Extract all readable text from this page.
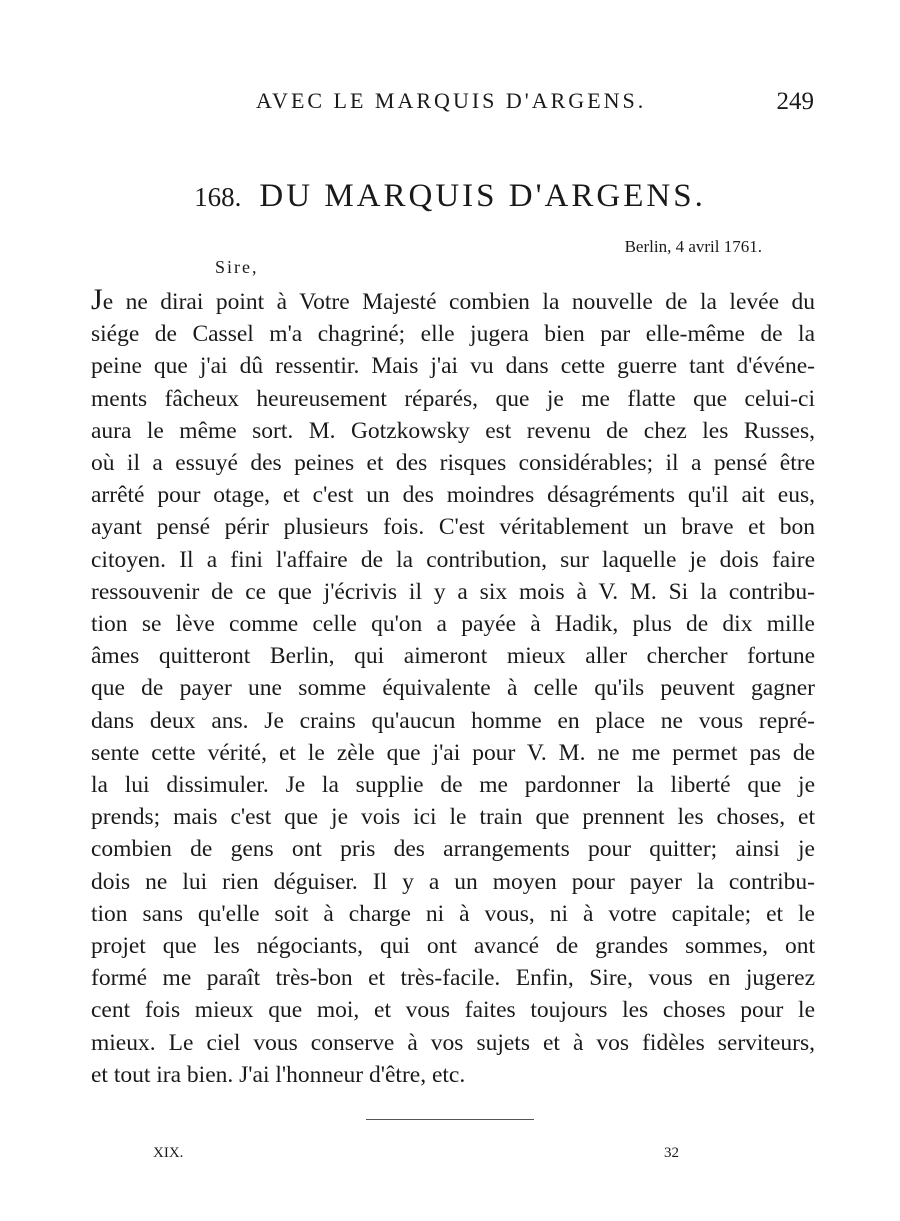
AVEC LE MARQUIS D'ARGENS.	249
168. DU MARQUIS D'ARGENS.
Berlin, 4 avril 1761.
Sire,
Je ne dirai point à Votre Majesté combien la nouvelle de la levée du
siége de Cassel m'a chagriné; elle jugera bien par elle-même de la
peine que j'ai dû ressentir. Mais j'ai vu dans cette guerre tant d'événe-
ments fâcheux heureusement réparés, que je me flatte que celui-ci
aura le même sort. M. Gotzkowsky est revenu de chez les Russes,
où il a essuyé des peines et des risques considérables; il a pensé être
arrêté pour otage, et c'est un des moindres désagréments qu'il ait eus,
ayant pensé périr plusieurs fois. C'est véritablement un brave et bon
citoyen. Il a fini l'affaire de la contribution, sur laquelle je dois faire
ressouvenir de ce que j'écrivis il y a six mois à V. M. Si la contribu-
tion se lève comme celle qu'on a payée à Hadik, plus de dix mille
âmes quitteront Berlin, qui aimeront mieux aller chercher fortune
que de payer une somme équivalente à celle qu'ils peuvent gagner
dans deux ans. Je crains qu'aucun homme en place ne vous repré-
sente cette vérité, et le zèle que j'ai pour V. M. ne me permet pas de
la lui dissimuler. Je la supplie de me pardonner la liberté que je
prends; mais c'est que je vois ici le train que prennent les choses, et
combien de gens ont pris des arrangements pour quitter; ainsi je
dois ne lui rien déguiser. Il y a un moyen pour payer la contribu-
tion sans qu'elle soit à charge ni à vous, ni à votre capitale; et le
projet que les négociants, qui ont avancé de grandes sommes, ont
formé me paraît très-bon et très-facile. Enfin, Sire, vous en jugerez
cent fois mieux que moi, et vous faites toujours les choses pour le
mieux. Le ciel vous conserve à vos sujets et à vos fidèles serviteurs,
et tout ira bien. J'ai l'honneur d'être, etc.
XIX.	32
